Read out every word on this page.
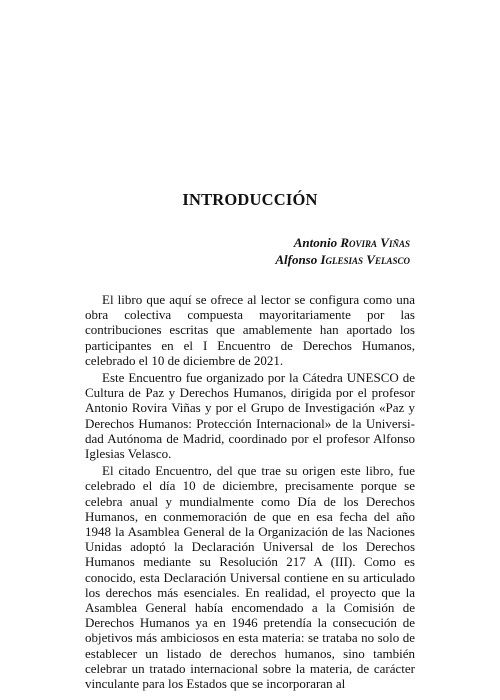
INTRODUCCIÓN
Antonio Rovira Viñas
Alfonso Iglesias Velasco

El libro que aquí se ofrece al lector se configura como una obra colectiva compuesta mayoritariamente por las contribuciones escritas que amablemente han aportado los participantes en el I Encuentro de Derechos Humanos, celebrado el 10 de diciembre de 2021.

Este Encuentro fue organizado por la Cátedra UNESCO de Cultura de Paz y Derechos Humanos, dirigida por el profesor Antonio Rovira Viñas y por el Grupo de Investigación «Paz y Derechos Humanos: Protección Internacional» de la Universidad Autónoma de Madrid, coordinado por el profesor Alfonso Iglesias Velasco.

El citado Encuentro, del que trae su origen este libro, fue celebrado el día 10 de diciembre, precisamente porque se celebra anual y mundialmente como Día de los Derechos Humanos, en conmemoración de que en esa fecha del año 1948 la Asamblea General de la Organización de las Naciones Unidas adoptó la Declaración Universal de los Derechos Humanos mediante su Resolución 217 A (III). Como es conocido, esta Declaración Universal contiene en su articulado los derechos más esenciales. En realidad, el proyecto que la Asamblea General había encomendado a la Comisión de Derechos Humanos ya en 1946 pretendía la consecución de objetivos más ambiciosos en esta materia: se trataba no solo de establecer un listado de derechos humanos, sino también celebrar un tratado internacional sobre la materia, de carácter vinculante para los Estados que se incorporaran al
